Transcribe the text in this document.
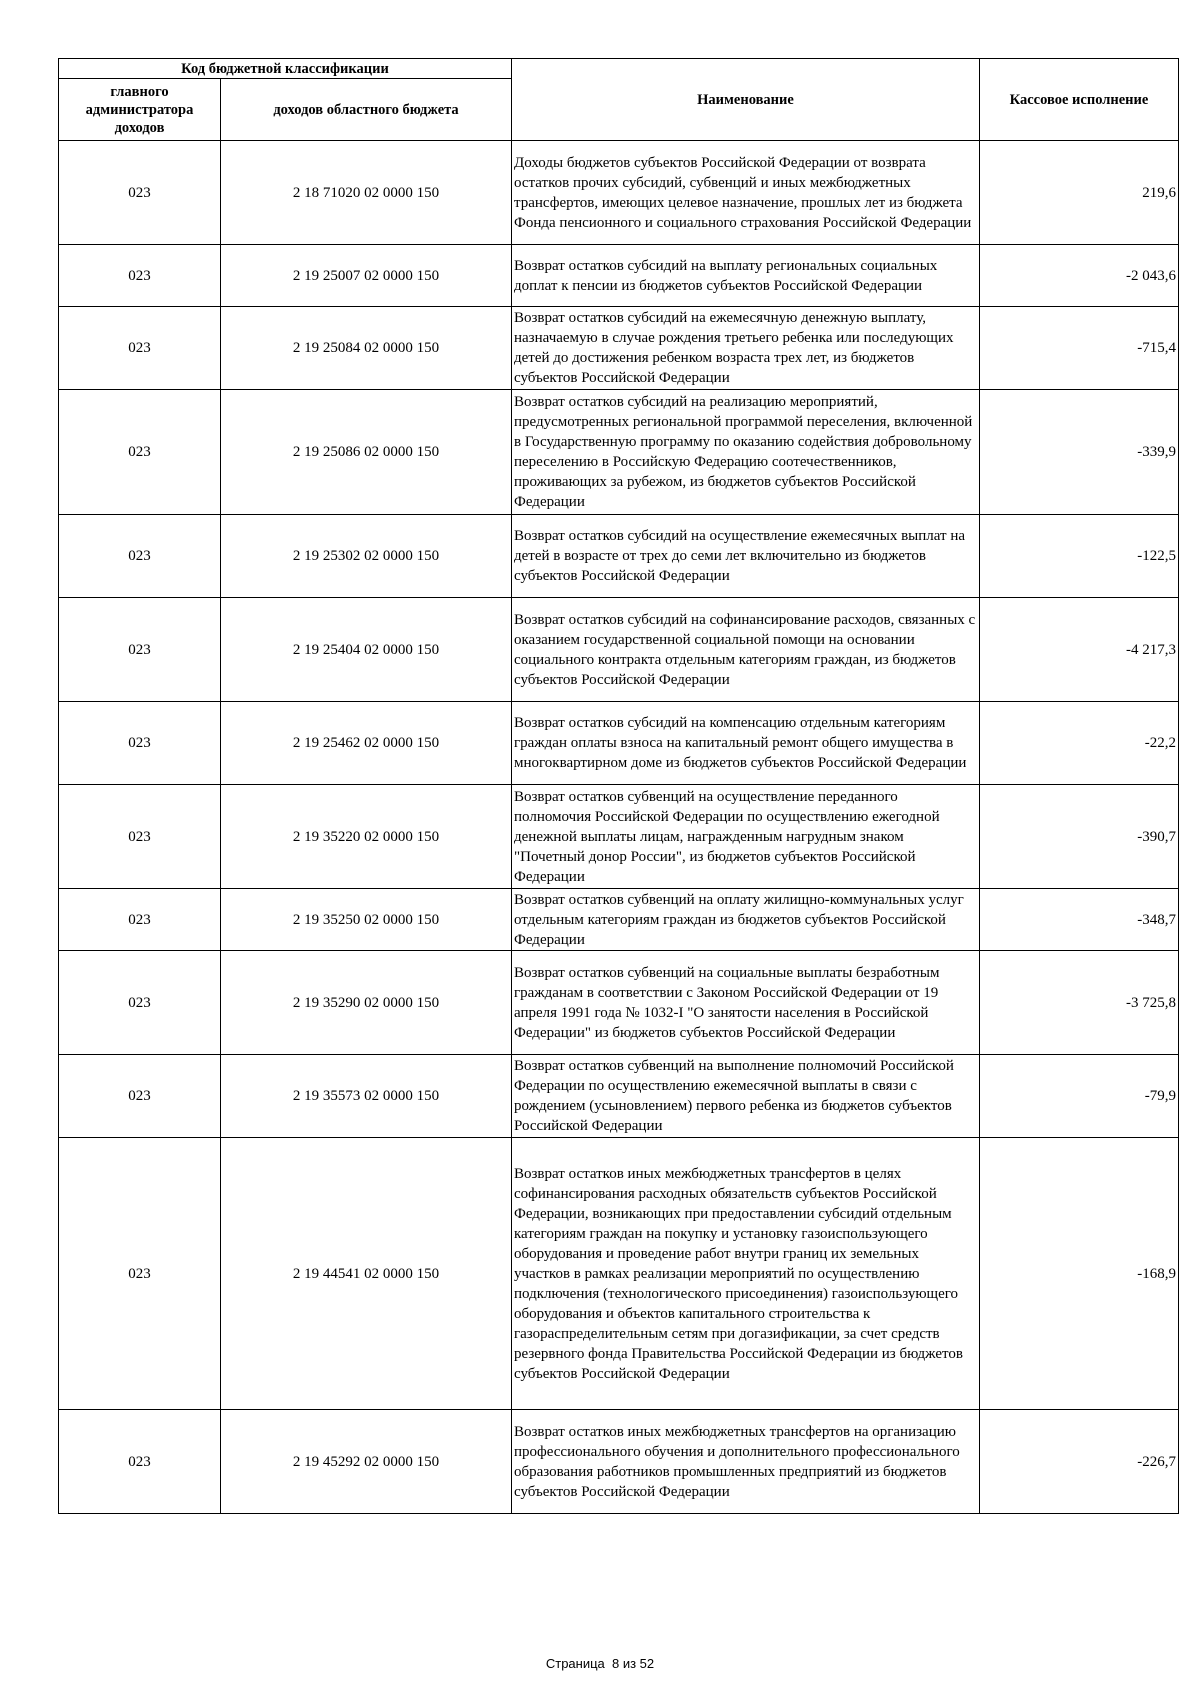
Код бюджетной классификации		Наименование	Кассовое исполнение
главного администратора доходов	доходов областного бюджета		
023	2 18 71020 02 0000 150	Доходы бюджетов субъектов Российской Федерации от возврата остатков прочих субсидий, субвенций и иных межбюджетных трансфертов, имеющих целевое назначение, прошлых лет из бюджета Фонда пенсионного и социального страхования Российской Федерации	219,6
023	2 19 25007 02 0000 150	Возврат остатков субсидий на выплату региональных социальных доплат к пенсии из бюджетов субъектов Российской Федерации	-2 043,6
023	2 19 25084 02 0000 150	Возврат остатков субсидий на ежемесячную денежную выплату, назначаемую в случае рождения третьего ребенка или последующих детей до достижения ребенком возраста трех лет, из бюджетов субъектов Российской Федерации	-715,4
023	2 19 25086 02 0000 150	Возврат остатков субсидий на реализацию мероприятий, предусмотренных региональной программой переселения, включенной в Государственную программу по оказанию содействия добровольному переселению в Российскую Федерацию соотечественников, проживающих за рубежом, из бюджетов субъектов Российской Федерации	-339,9
023	2 19 25302 02 0000 150	Возврат остатков субсидий на осуществление ежемесячных выплат на детей в возрасте от трех до семи лет включительно из бюджетов субъектов Российской Федерации	-122,5
023	2 19 25404 02 0000 150	Возврат остатков субсидий на софинансирование расходов, связанных с оказанием государственной социальной помощи на основании социального контракта отдельным категориям граждан, из бюджетов субъектов Российской Федерации	-4 217,3
023	2 19 25462 02 0000 150	Возврат остатков субсидий на компенсацию отдельным категориям граждан оплаты взноса на капитальный ремонт общего имущества в многоквартирном доме из бюджетов субъектов Российской Федерации	-22,2
023	2 19 35220 02 0000 150	Возврат остатков субвенций на осуществление переданного полномочия Российской Федерации по осуществлению ежегодной денежной выплаты лицам, награжденным нагрудным знаком "Почетный донор России", из бюджетов субъектов Российской Федерации	-390,7
023	2 19 35250 02 0000 150	Возврат остатков субвенций на оплату жилищно-коммунальных услуг отдельным категориям граждан из бюджетов субъектов Российской Федерации	-348,7
023	2 19 35290 02 0000 150	Возврат остатков субвенций на социальные выплаты безработным гражданам в соответствии с Законом Российской Федерации от 19 апреля 1991 года № 1032-I "О занятости населения в Российской Федерации" из бюджетов субъектов Российской Федерации	-3 725,8
023	2 19 35573 02 0000 150	Возврат остатков субвенций на выполнение полномочий Российской Федерации по осуществлению ежемесячной выплаты в связи с рождением (усыновлением) первого ребенка из бюджетов субъектов Российской Федерации	-79,9
023	2 19 44541 02 0000 150	Возврат остатков иных межбюджетных трансфертов в целях софинансирования расходных обязательств субъектов Российской Федерации, возникающих при предоставлении субсидий отдельным категориям граждан на покупку и установку газоиспользующего оборудования и проведение работ внутри границ их земельных участков в рамках реализации мероприятий по осуществлению подключения (технологического присоединения) газоиспользующего оборудования и объектов капитального строительства к газораспределительным сетям при догазификации, за счет средств резервного фонда Правительства Российской Федерации из бюджетов субъектов Российской Федерации	-168,9
023	2 19 45292 02 0000 150	Возврат остатков иных межбюджетных трансфертов на организацию профессионального обучения и дополнительного профессионального образования работников промышленных предприятий из бюджетов субъектов Российской Федерации	-226,7
Страница  8 из 52
